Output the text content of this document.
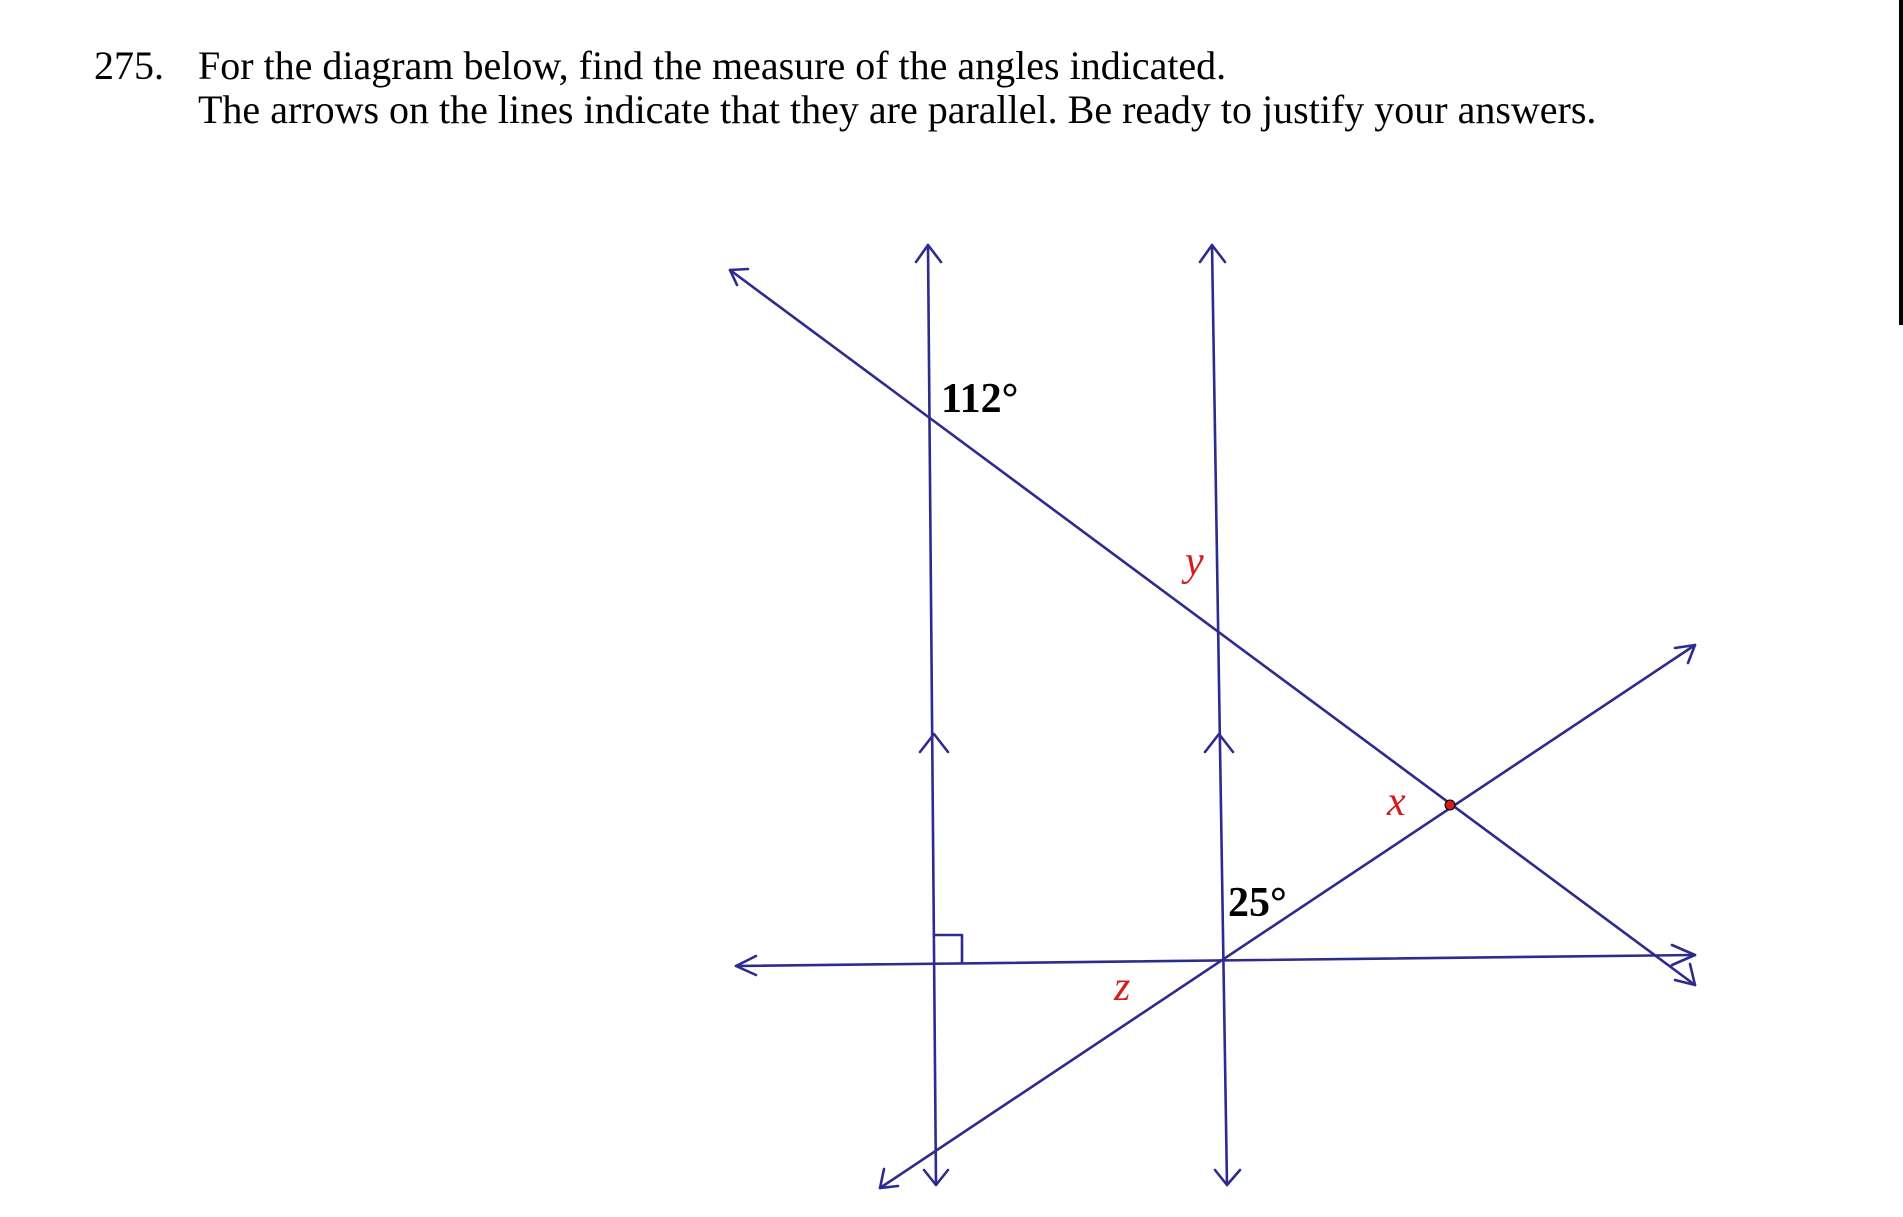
275. For the diagram below, find the measure of the angles indicated.
The arrows on the lines indicate that they are parallel. Be ready to justify your answers.
112°
25°
y
x
z
